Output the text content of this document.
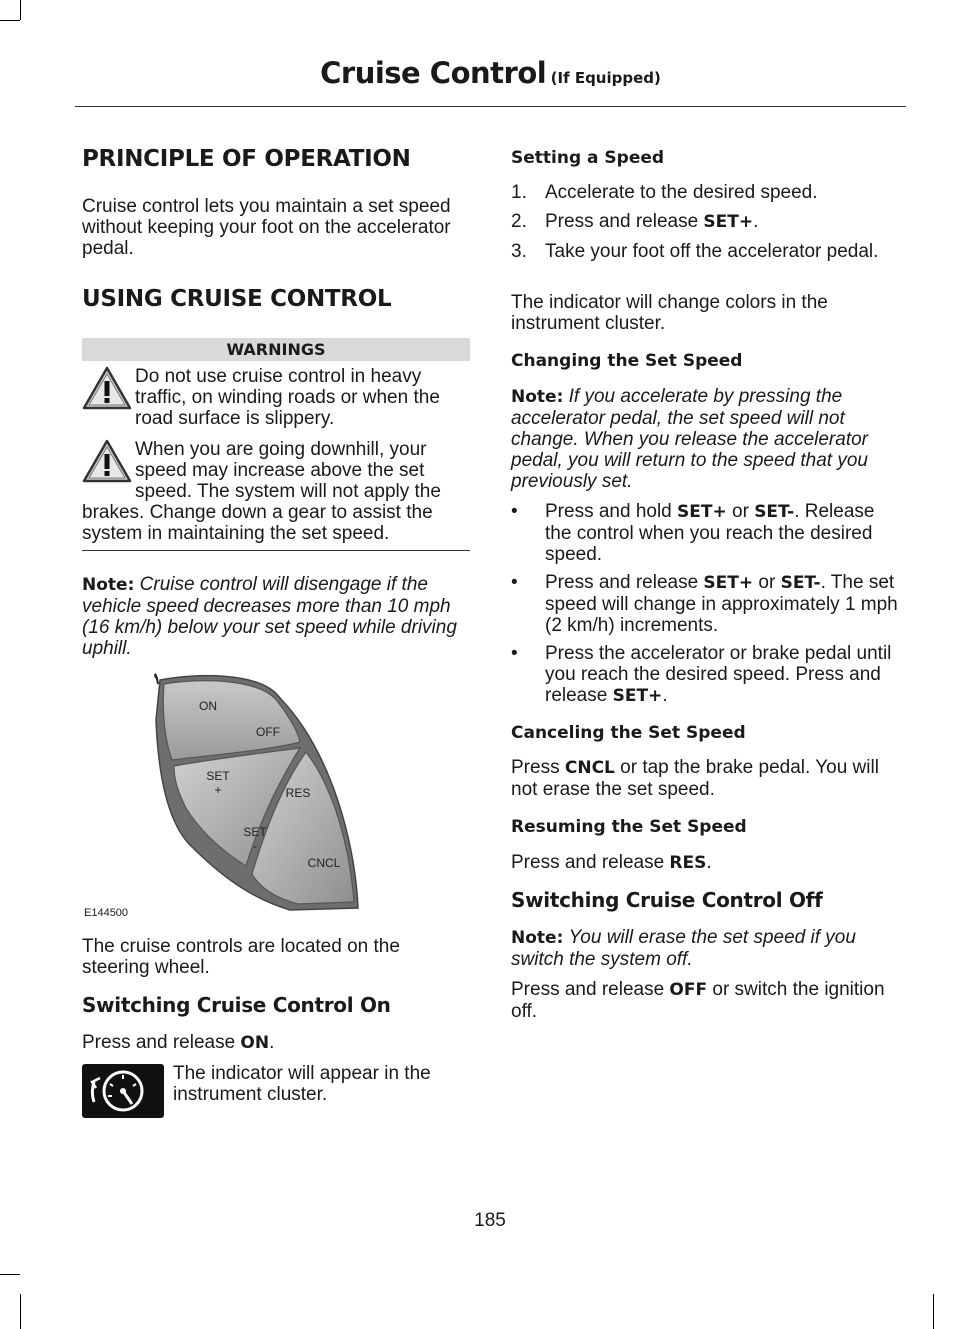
Cruise Control (If Equipped)
PRINCIPLE OF OPERATION

Cruise control lets you maintain a set speed without keeping your foot on the accelerator pedal.

USING CRUISE CONTROL
WARNINGS

Do not use cruise control in heavy traffic, on winding roads or when the road surface is slippery.

When you are going downhill, your

speed may increase above the set

speed. The system will not apply the

brakes. Change down a gear to assist the system in maintaining the set speed.

Note: Cruise control will disengage if the vehicle speed decreases more than 10 mph (16 km/h) below your set speed while driving uphill.

ON
OFF
SET
+	RES
SET
-
CNCL
E144500

The cruise controls are located on the steering wheel.

Switching Cruise Control On

Press and release ON.

The indicator will appear in the instrument cluster.

Setting a Speed
1. Accelerate to the desired speed.
2. Press and release SET+.
3. Take your foot off the accelerator pedal.

The indicator will change colors in the instrument cluster.

Changing the Set Speed

Note: If you accelerate by pressing the accelerator pedal, the set speed will not change. When you release the accelerator pedal, you will return to the speed that you previously set.

• Press and hold SET+ or SET-. Release the control when you reach the desired speed.
• Press and release SET+ or SET-. The set speed will change in approximately 1 mph (2 km/h) increments.
• Press the accelerator or brake pedal until you reach the desired speed. Press and release SET+.
Canceling the Set Speed

Press CNCL or tap the brake pedal. You will not erase the set speed.

Resuming the Set Speed

Press and release RES.

Switching Cruise Control Off

Note: You will erase the set speed if you switch the system off.

Press and release OFF or switch the ignition off.

185
